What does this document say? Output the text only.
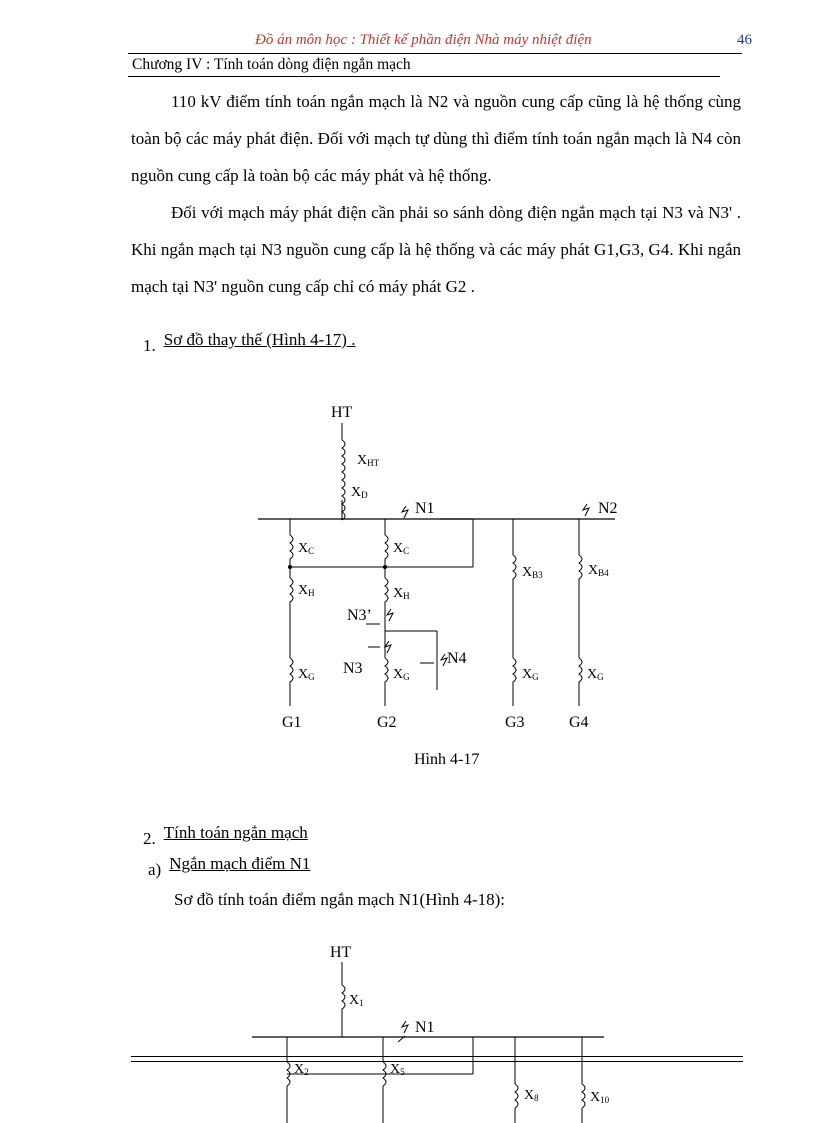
Đồ án môn học : Thiết kế phần điện Nhà máy nhiệt điện	46
Chương IV : Tính toán dòng điện ngắn mạch

110 kV điểm tính toán ngắn mạch là N2 và nguồn cung cấp cũng là hệ thống cùng toàn bộ các máy phát điện. Đối với mạch tự dùng thì điểm tính toán ngắn mạch là N4 còn nguồn cung cấp là toàn bộ các máy phát và hệ thống.

Đối với mạch máy phát điện cần phải so sánh dòng điện ngắn mạch tại N3 và N3' . Khi ngắn mạch tại N3 nguồn cung cấp là hệ thống và các máy phát G1,G3, G4. Khi ngắn mạch tại N3' nguồn cung cấp chỉ có máy phát G2 .

1. Sơ đồ thay thế (Hình 4-17) .
HT
XHT
XD
N1	N2
XC	XC
XH	XH
XB3	XB4
N3’
N3
N4
XG	XG	XG	XG
G1	G2	G3	G4
Hình 4-17
2. Tính toán ngắn mạch
a) Ngắn mạch điểm N1
Sơ đồ tính toán điểm ngắn mạch N1(Hình 4-18):
HT
X1
N1
X2	X5
X8	X10
